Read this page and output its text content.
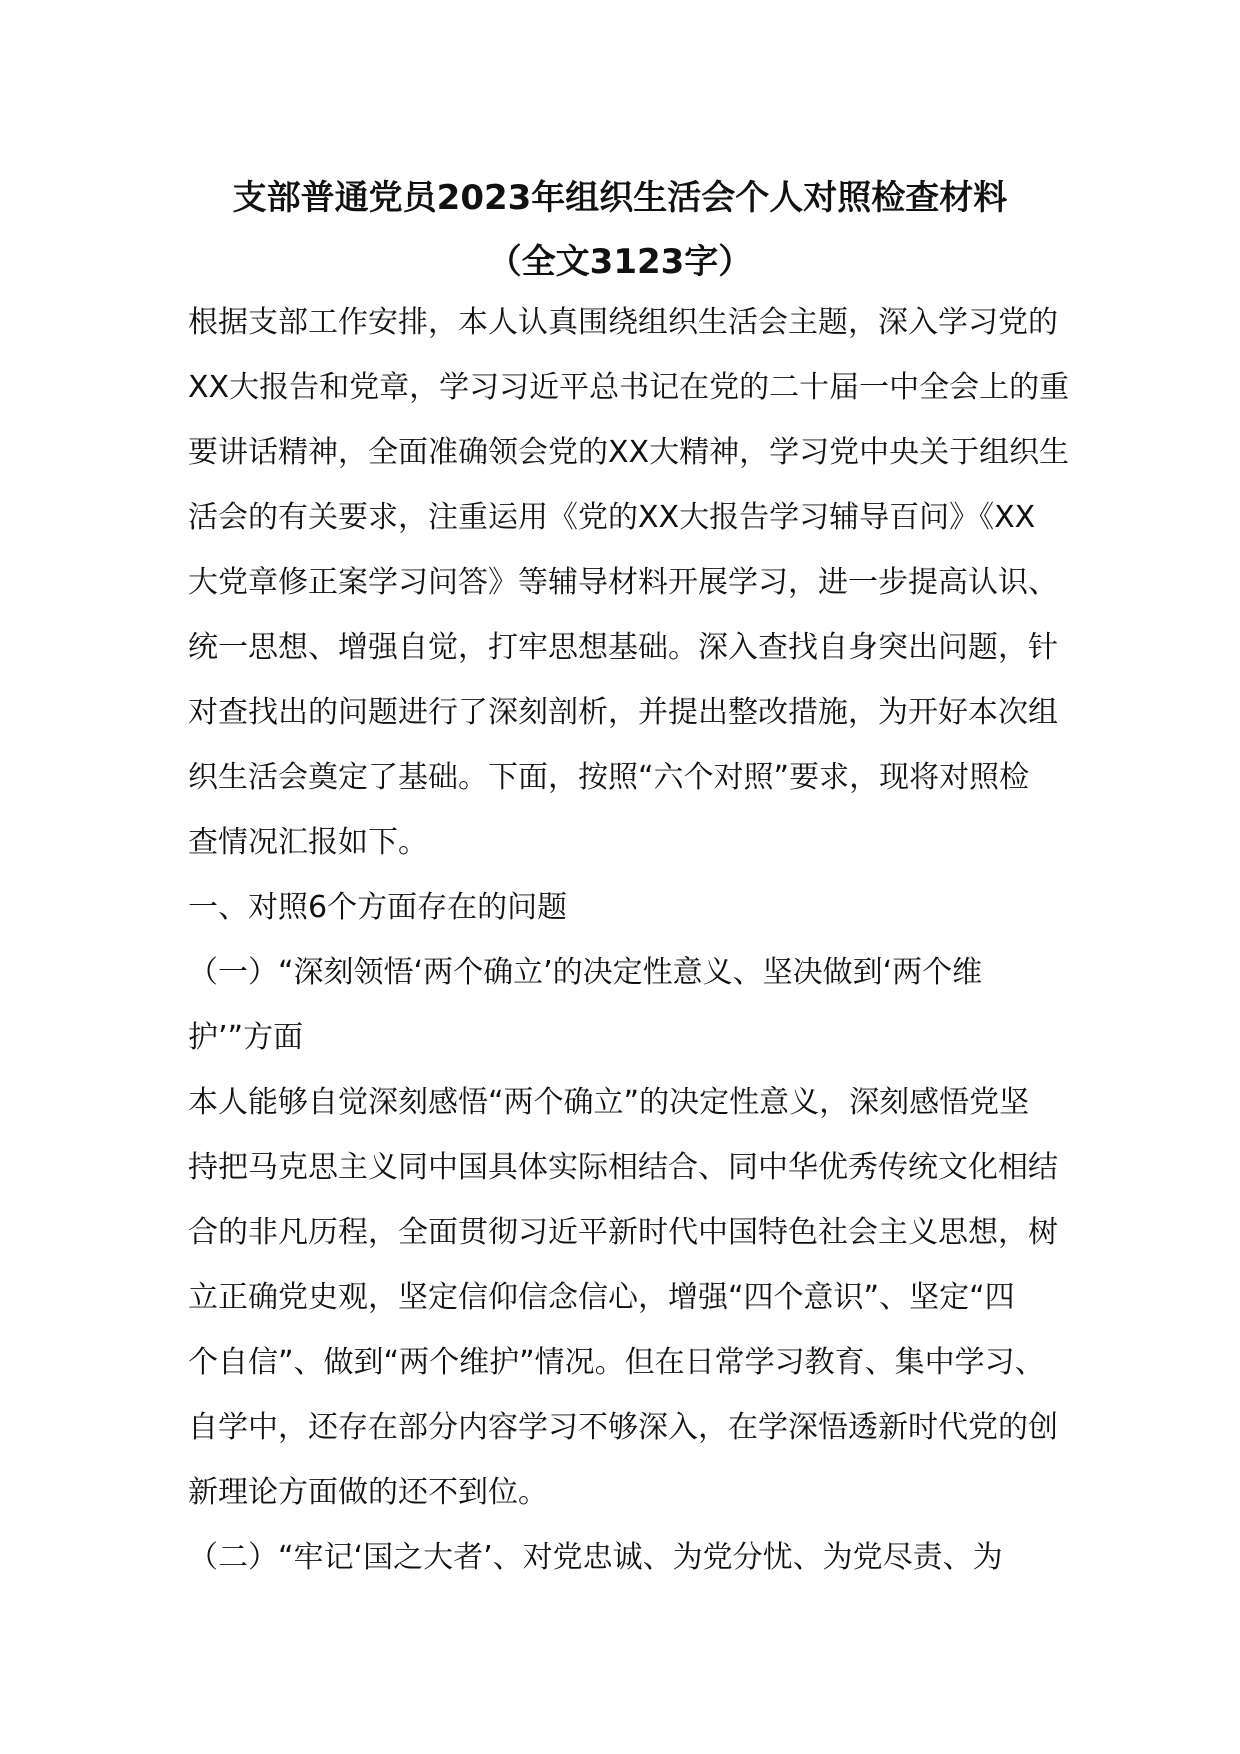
支部普通党员2023年组织生活会个人对照检查材料
（全文3123字）

根据支部工作安排，本人认真围绕组织生活会主题，深入学习党的

XX大报告和党章，学习习近平总书记在党的二十届一中全会上的重

要讲话精神，全面准确领会党的XX大精神，学习党中央关于组织生

活会的有关要求，注重运用《党的XX大报告学习辅导百问》《XX

大党章修正案学习问答》等辅导材料开展学习，进一步提高认识、

统一思想、增强自觉，打牢思想基础。深入查找自身突出问题，针

对查找出的问题进行了深刻剖析，并提出整改措施，为开好本次组

织生活会奠定了基础。下面，按照“六个对照”要求，现将对照检

查情况汇报如下。

一、对照6个方面存在的问题

（一）“深刻领悟‘两个确立’的决定性意义、坚决做到‘两个维

护’”方面

本人能够自觉深刻感悟“两个确立”的决定性意义，深刻感悟党坚

持把马克思主义同中国具体实际相结合、同中华优秀传统文化相结

合的非凡历程，全面贯彻习近平新时代中国特色社会主义思想，树

立正确党史观，坚定信仰信念信心，增强“四个意识”、坚定“四

个自信”、做到“两个维护”情况。但在日常学习教育、集中学习、

自学中，还存在部分内容学习不够深入，在学深悟透新时代党的创

新理论方面做的还不到位。

（二）“牢记‘国之大者’、对党忠诚、为党分忧、为党尽责、为
